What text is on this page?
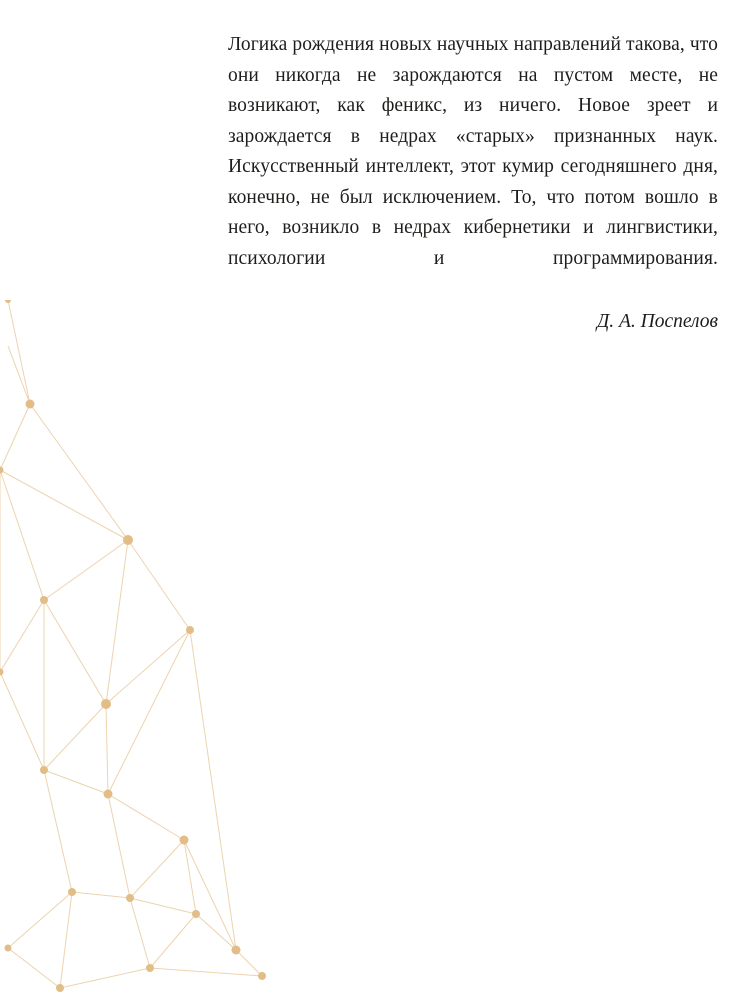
Логика рождения новых научных направлений такова, что они никогда не зарождаются на пустом месте, не возникают, как феникс, из ничего. Новое зреет и зарождается в недрах «старых» признанных наук. Искусственный интеллект, этот кумир сегодняшнего дня, конечно, не был исключением. То, что потом вошло в него, возникло в недрах кибернетики и лингвистики, психологии и программирования.

Д. А. Поспелов
